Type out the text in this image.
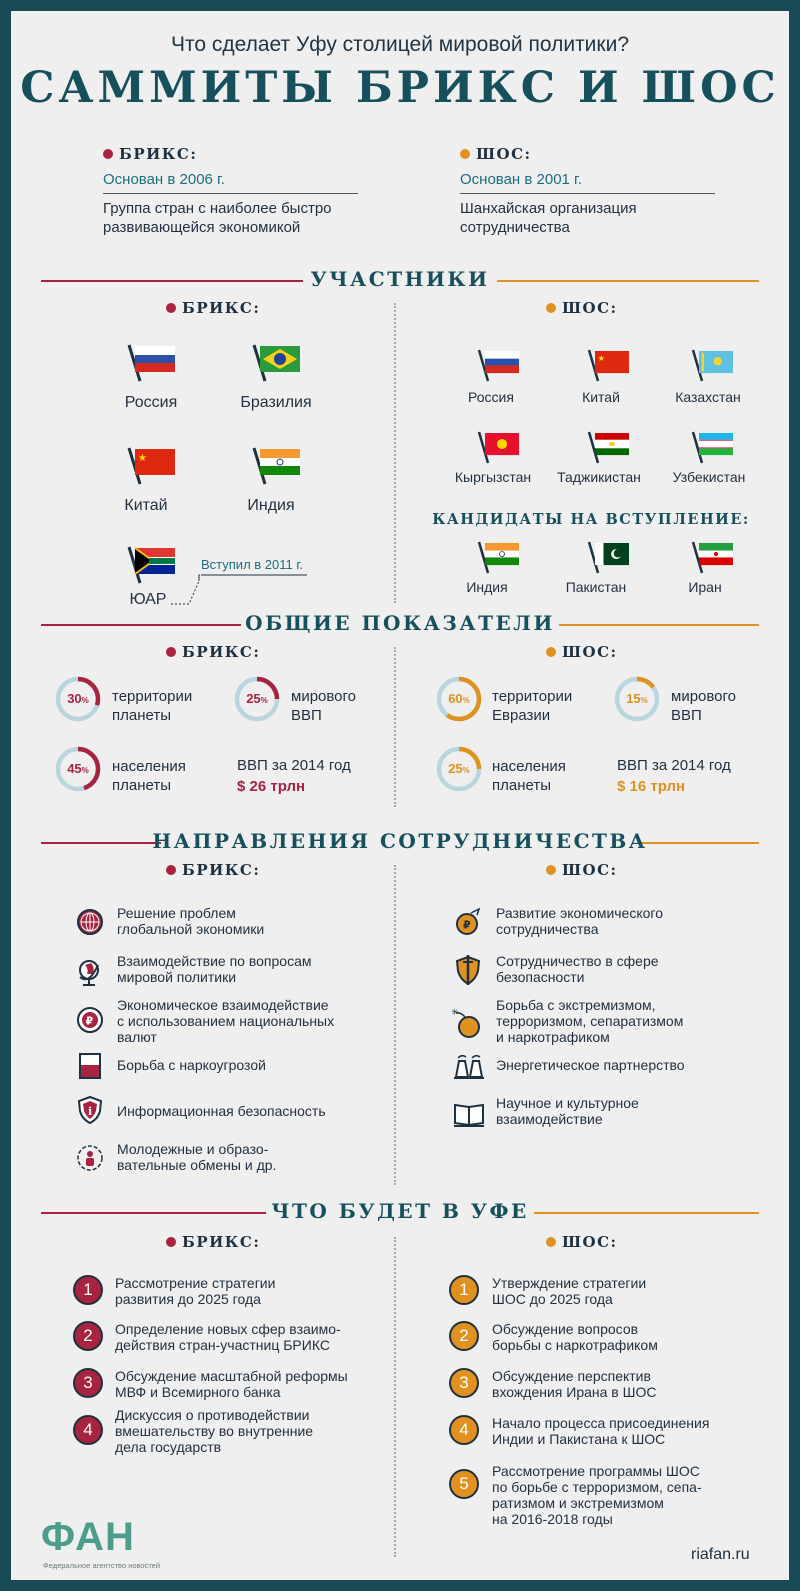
Что сделает Уфу столицей мировой политики?
САММИТЫ БРИКС И ШОС
БРИКС:
Основан в 2006 г.
Группа стран с наиболее быстро
развивающейся экономикой
ШОС:
Основан в 2001 г.
Шанхайская организация
сотрудничества
УЧАСТНИКИ
БРИКС:	ШОС:
Россия	Бразилия
★
Китай	Индия
ЮАР
Вступил в 2011 г.
Россия
★
Китай	Казахстан
Кыргызстан	Таджикистан	Узбекистан
КАНДИДАТЫ НА ВСТУПЛЕНИЕ:
Индия	Пакистан	Иран
ОБЩИЕ ПОКАЗАТЕЛИ
БРИКС:	ШОС:
30%	территории
планеты
25%	мирового
ВВП
45%	населения
планеты
ВВП за 2014 год
$ 26 трлн
60%	территории
Евразии
15%	мирового
ВВП
25%	населения
планеты
ВВП за 2014 год
$ 16 трлн
НАПРАВЛЕНИЯ СОТРУДНИЧЕСТВА
БРИКС:	ШОС:
Решение проблем
глобальной экономики
Взаимодействие по вопросам
мировой политики
₽
Экономическое взаимодействие
с использованием национальных
валют
Борьба с наркоугрозой
i Информационная безопасность
Молодежные и образо-
вательные обмены и др.
₽
Развитие экономического
сотрудничества
Сотрудничество в сфере
безопасности
✳	Борьба с экстремизмом,
терроризмом, сепаратизмом
и наркотрафиком
Энергетическое партнерство
Научное и культурное
взаимодействие
ЧТО БУДЕТ В УФЕ
БРИКС:	ШОС:
1	Рассмотрение стратегии
развития до 2025 года
2	Определение новых сфер взаимо-
действия стран-участниц БРИКС
3	Обсуждение масштабной реформы
МВФ и Всемирного банка
4
Дискуссия о противодействии
вмешательству во внутренние
дела государств
1	Утверждение стратегии
ШОС до 2025 года
2	Обсуждение вопросов
борьбы с наркотрафиком
3	Обсуждение перспектив
вхождения Ирана в ШОС
4	Начало процесса присоединения
Индии и Пакистана к ШОС
5
Рассмотрение программы ШОС
по борьбе с терроризмом, сепа-
ратизмом и экстремизмом
на 2016-2018 годы
ФАН
Федеральное агентство новостей
riafan.ru
